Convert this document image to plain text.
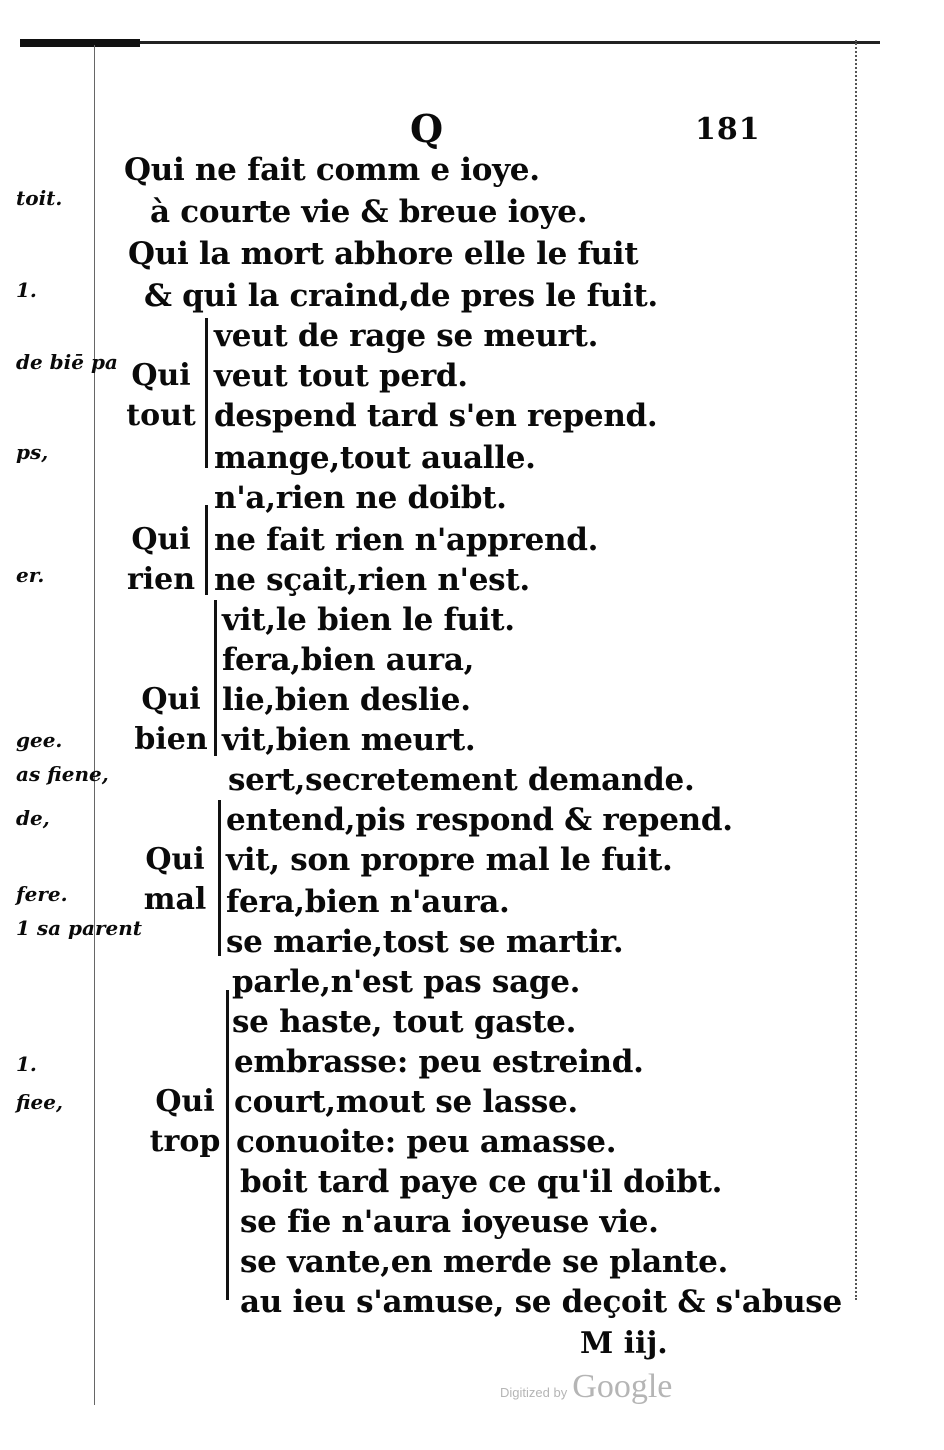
Q	181
toit.
1.
de biē pa
ps,
er.
gee.
as fiene,
de,
fere.
1 sa parent
1.
fiee,
Qui ne fait comm e ioye.
à courte vie & breue ioye.
Qui la mort abhore elle le fuit
& qui la craind,de pres le fuit.
Qui
tout
veut de rage se meurt.
veut tout perd.
despend tard s'en repend.
mange,tout aualle.
Qui
rien
n'a,rien ne doibt.
ne fait rien n'apprend.
ne sçait,rien n'est.
Qui
bien
vit,le bien le fuit.
fera,bien aura,
lie,bien deslie.
vit,bien meurt.
Qui
mal
sert,secretement demande.
entend,pis respond & repend.
vit, son propre mal le fuit.
fera,bien n'aura.
se marie,tost se martir.
Qui
trop
parle,n'est pas sage.
se haste, tout gaste.
embrasse: peu estreind.
court,mout se lasse.
conuoite: peu amasse.
boit tard paye ce qu'il doibt.
se fie n'aura ioyeuse vie.
se vante,en merde se plante.
au ieu s'amuse, se deçoit & s'abuse
M iij.
Digitized by Google
